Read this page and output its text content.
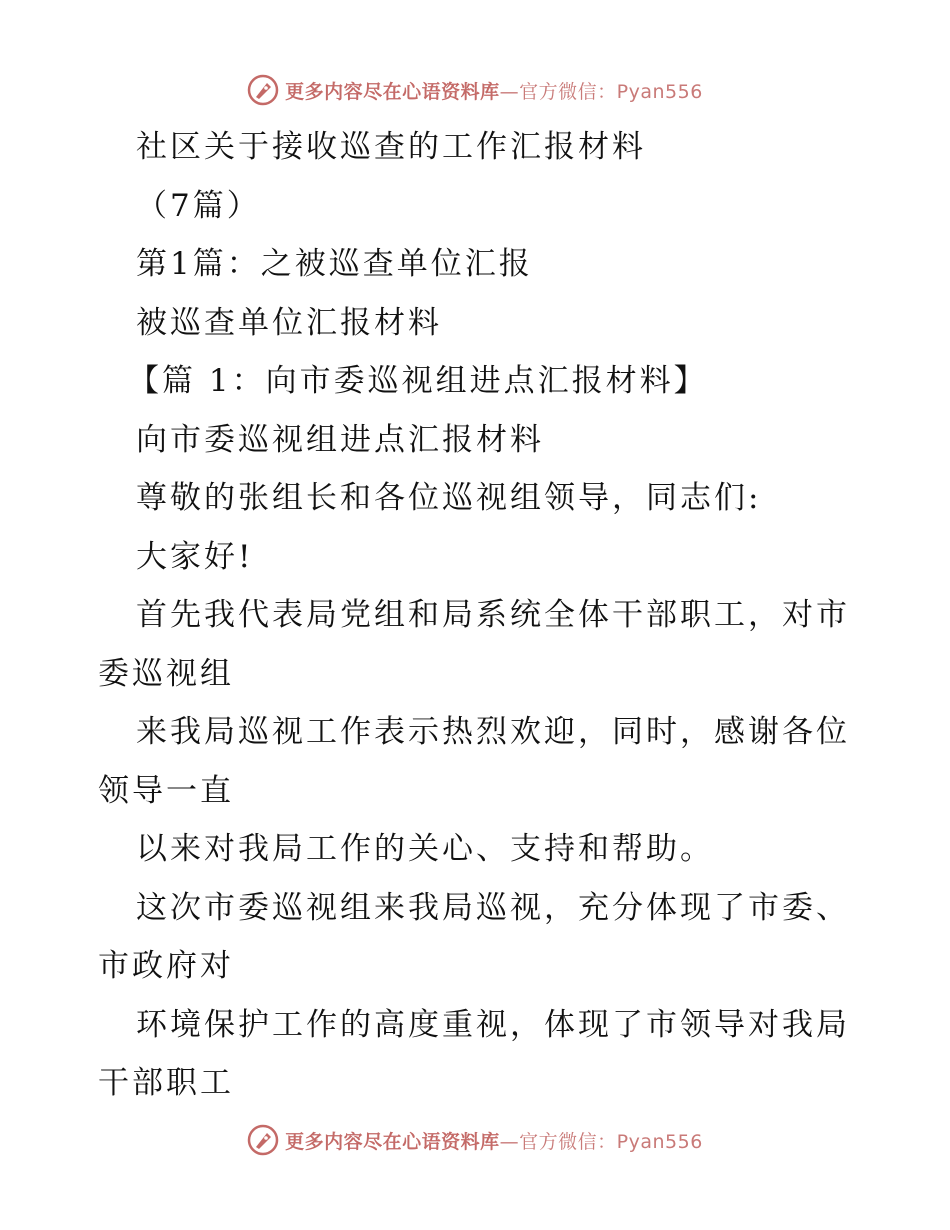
更多内容尽在心语资料库—官方微信：Pyan556
社区关于接收巡查的工作汇报材料
（7篇）
第1篇：之被巡查单位汇报
被巡查单位汇报材料
【篇 1：向市委巡视组进点汇报材料】
向市委巡视组进点汇报材料
尊敬的张组长和各位巡视组领导，同志们:
大家好!
首先我代表局党组和局系统全体干部职工，对市
委巡视组
来我局巡视工作表示热烈欢迎，同时，感谢各位
领导一直
以来对我局工作的关心、支持和帮助。
这次市委巡视组来我局巡视，充分体现了市委、
市政府对
环境保护工作的高度重视，体现了市领导对我局
干部职工
更多内容尽在心语资料库—官方微信：Pyan556
